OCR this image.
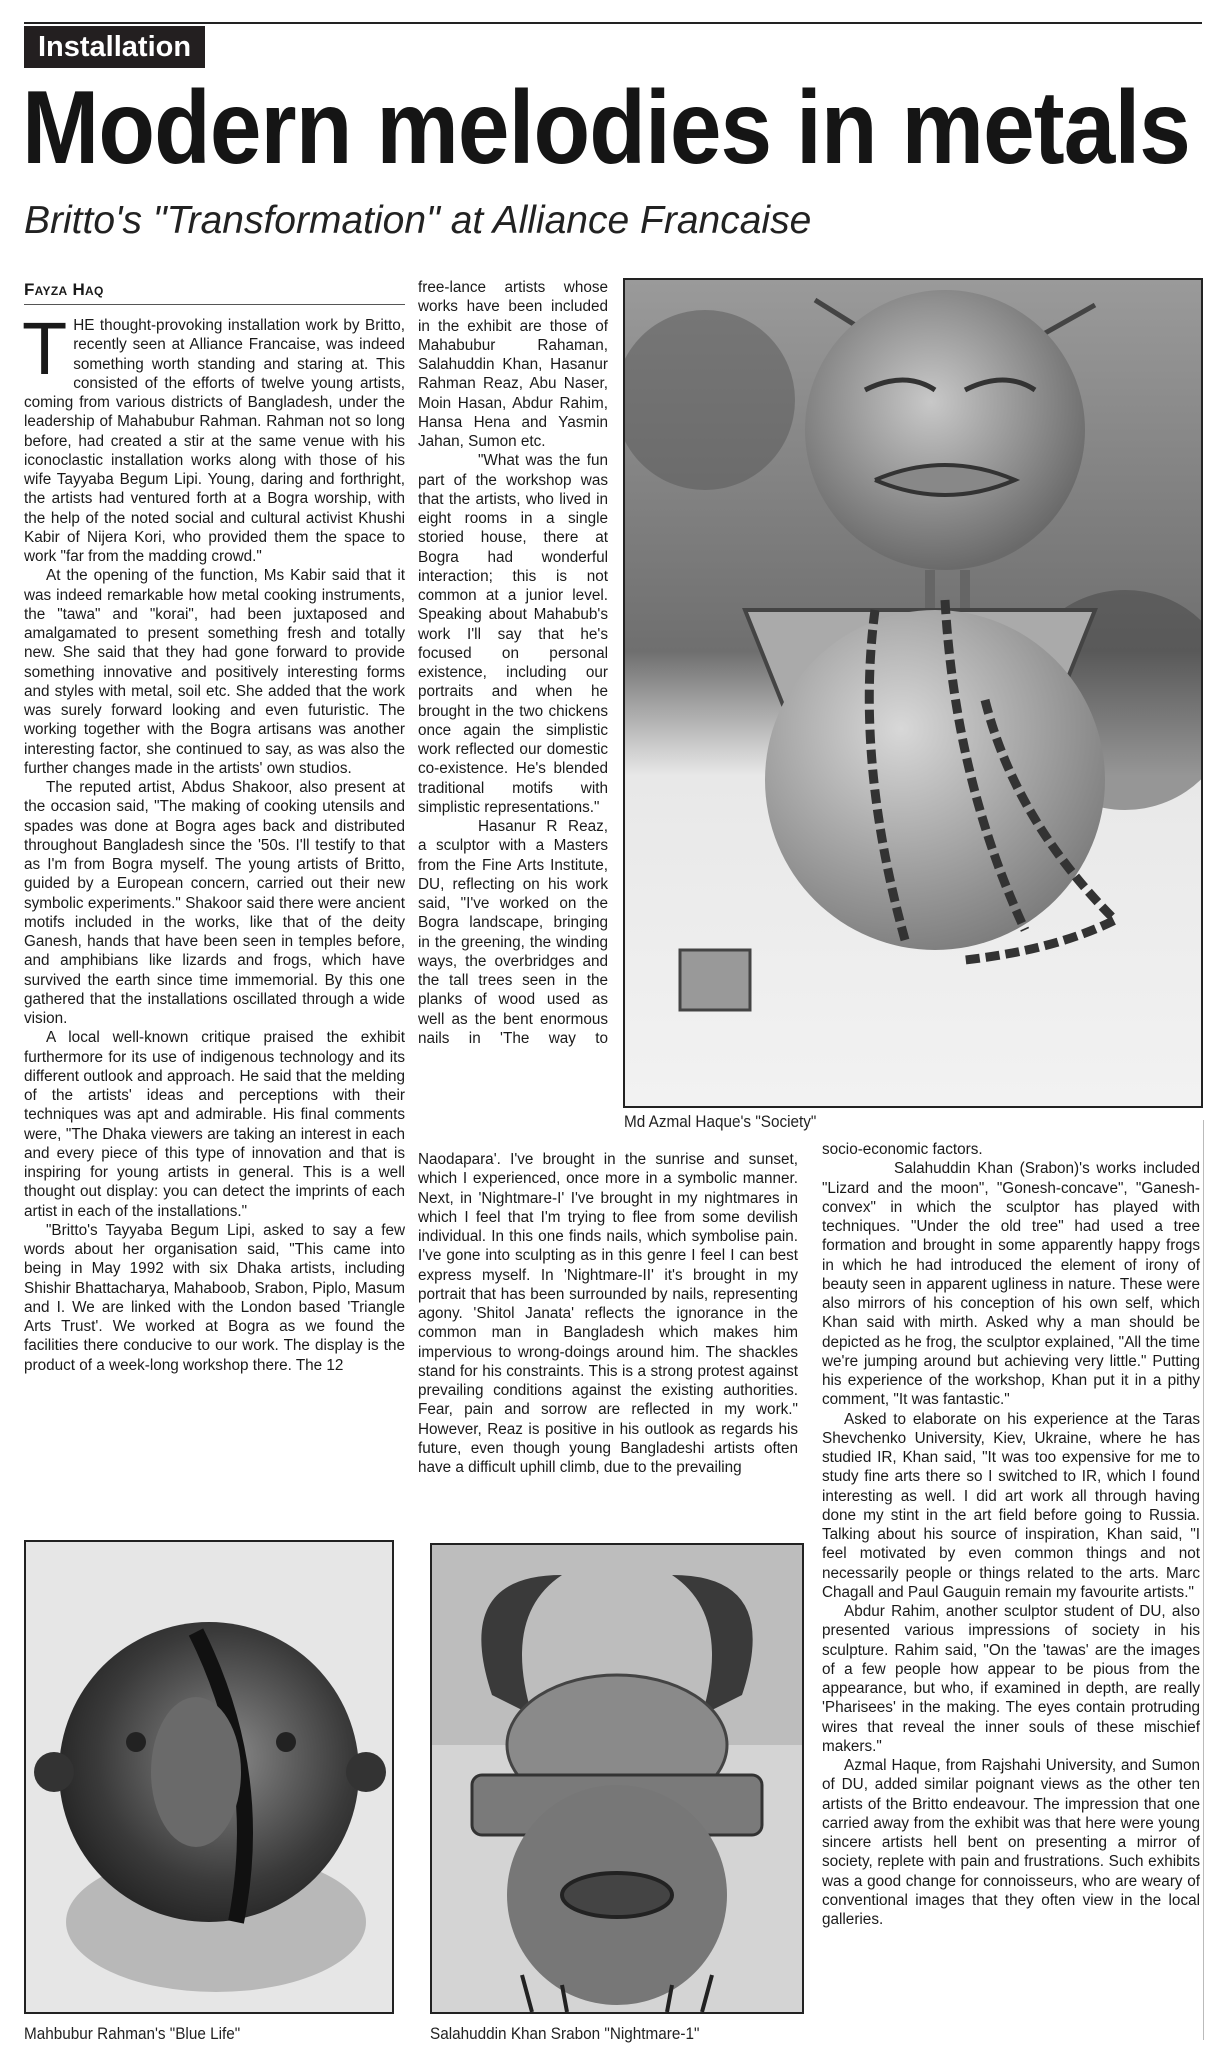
Installation
Modern melodies in metals
Britto's "Transformation" at Alliance Francaise
Fayza Haq

THE thought-provoking installation work by Britto, recently seen at Alliance Francaise, was indeed something worth standing and staring at. This consisted of the efforts of twelve young artists, coming from various districts of Bangladesh, under the leadership of Mahabubur Rahman. Rahman not so long before, had created a stir at the same venue with his iconoclastic installation works along with those of his wife Tayyaba Begum Lipi. Young, daring and forthright, the artists had ventured forth at a Bogra worship, with the help of the noted social and cultural activist Khushi Kabir of Nijera Kori, who provided them the space to work "far from the madding crowd."

At the opening of the function, Ms Kabir said that it was indeed remarkable how metal cooking instruments, the "tawa" and "korai", had been juxtaposed and amalgamated to present something fresh and totally new. She said that they had gone forward to provide something innovative and positively interesting forms and styles with metal, soil etc. She added that the work was surely forward looking and even futuristic. The working together with the Bogra artisans was another interesting factor, she continued to say, as was also the further changes made in the artists' own studios.

The reputed artist, Abdus Shakoor, also present at the occasion said, "The making of cooking utensils and spades was done at Bogra ages back and distributed throughout Bangladesh since the '50s. I'll testify to that as I'm from Bogra myself. The young artists of Britto, guided by a European concern, carried out their new symbolic experiments." Shakoor said there were ancient motifs included in the works, like that of the deity Ganesh, hands that have been seen in temples before, and amphibians like lizards and frogs, which have survived the earth since time immemorial. By this one gathered that the installations oscillated through a wide vision.

A local well-known critique praised the exhibit furthermore for its use of indigenous technology and its different outlook and approach. He said that the melding of the artists' ideas and perceptions with their techniques was apt and admirable. His final comments were, "The Dhaka viewers are taking an interest in each and every piece of this type of innovation and that is inspiring for young artists in general. This is a well thought out display: you can detect the imprints of each artist in each of the installations."

"Britto's Tayyaba Begum Lipi, asked to say a few words about her organisation said, "This came into being in May 1992 with six Dhaka artists, including Shishir Bhattacharya, Mahaboob, Srabon, Piplo, Masum and I. We are linked with the London based 'Triangle Arts Trust'. We worked at Bogra as we found the facilities there conducive to our work. The display is the product of a week-long workshop there. The 12

free-lance artists whose works have been included in the exhibit are those of Mahabubur Rahaman, Salahuddin Khan, Hasanur Rahman Reaz, Abu Naser, Moin Hasan, Abdur Rahim, Hansa Hena and Yasmin Jahan, Sumon etc.

"What was the fun part of the workshop was that the artists, who lived in eight rooms in a single storied house, there at Bogra had wonderful interaction; this is not common at a junior level. Speaking about Mahabub's work I'll say that he's focused on personal existence, including our portraits and when he brought in the two chickens once again the simplistic work reflected our domestic co-existence. He's blended traditional motifs with simplistic representations."

Hasanur R Reaz, a sculptor with a Masters from the Fine Arts Institute, DU, reflecting on his work said, "I've worked on the Bogra landscape, bringing in the greening, the winding ways, the overbridges and the tall trees seen in the planks of wood used as well as the bent enormous nails in 'The way to

Naodapara'. I've brought in the sunrise and sunset, which I experienced, once more in a symbolic manner. Next, in 'Nightmare-I' I've brought in my nightmares in which I feel that I'm trying to flee from some devilish individual. In this one finds nails, which symbolise pain. I've gone into sculpting as in this genre I feel I can best express myself. In 'Nightmare-II' it's brought in my portrait that has been surrounded by nails, representing agony. 'Shitol Janata' reflects the ignorance in the common man in Bangladesh which makes him impervious to wrong-doings around him. The shackles stand for his constraints. This is a strong protest against prevailing conditions against the existing authorities. Fear, pain and sorrow are reflected in my work." However, Reaz is positive in his outlook as regards his future, even though young Bangladeshi artists often have a difficult uphill climb, due to the prevailing

socio-economic factors.

Salahuddin Khan (Srabon)'s works included "Lizard and the moon", "Gonesh-concave", "Ganesh-convex" in which the sculptor has played with techniques. "Under the old tree" had used a tree formation and brought in some apparently happy frogs in which he had introduced the element of irony of beauty seen in apparent ugliness in nature. These were also mirrors of his conception of his own self, which Khan said with mirth. Asked why a man should be depicted as he frog, the sculptor explained, "All the time we're jumping around but achieving very little." Putting his experience of the workshop, Khan put it in a pithy comment, "It was fantastic."

Asked to elaborate on his experience at the Taras Shevchenko University, Kiev, Ukraine, where he has studied IR, Khan said, "It was too expensive for me to study fine arts there so I switched to IR, which I found interesting as well. I did art work all through having done my stint in the art field before going to Russia. Talking about his source of inspiration, Khan said, "I feel motivated by even common things and not necessarily people or things related to the arts. Marc Chagall and Paul Gauguin remain my favourite artists."

Abdur Rahim, another sculptor student of DU, also presented various impressions of society in his sculpture. Rahim said, "On the 'tawas' are the images of a few people how appear to be pious from the appearance, but who, if examined in depth, are really 'Pharisees' in the making. The eyes contain protruding wires that reveal the inner souls of these mischief makers."

Azmal Haque, from Rajshahi University, and Sumon of DU, added similar poignant views as the other ten artists of the Britto endeavour. The impression that one carried away from the exhibit was that here were young sincere artists hell bent on presenting a mirror of society, replete with pain and frustrations. Such exhibits was a good change for connoisseurs, who are weary of conventional images that they often view in the local galleries.

Md Azmal Haque's "Society"
Mahbubur Rahman's "Blue Life"	Salahuddin Khan Srabon "Nightmare-1"
